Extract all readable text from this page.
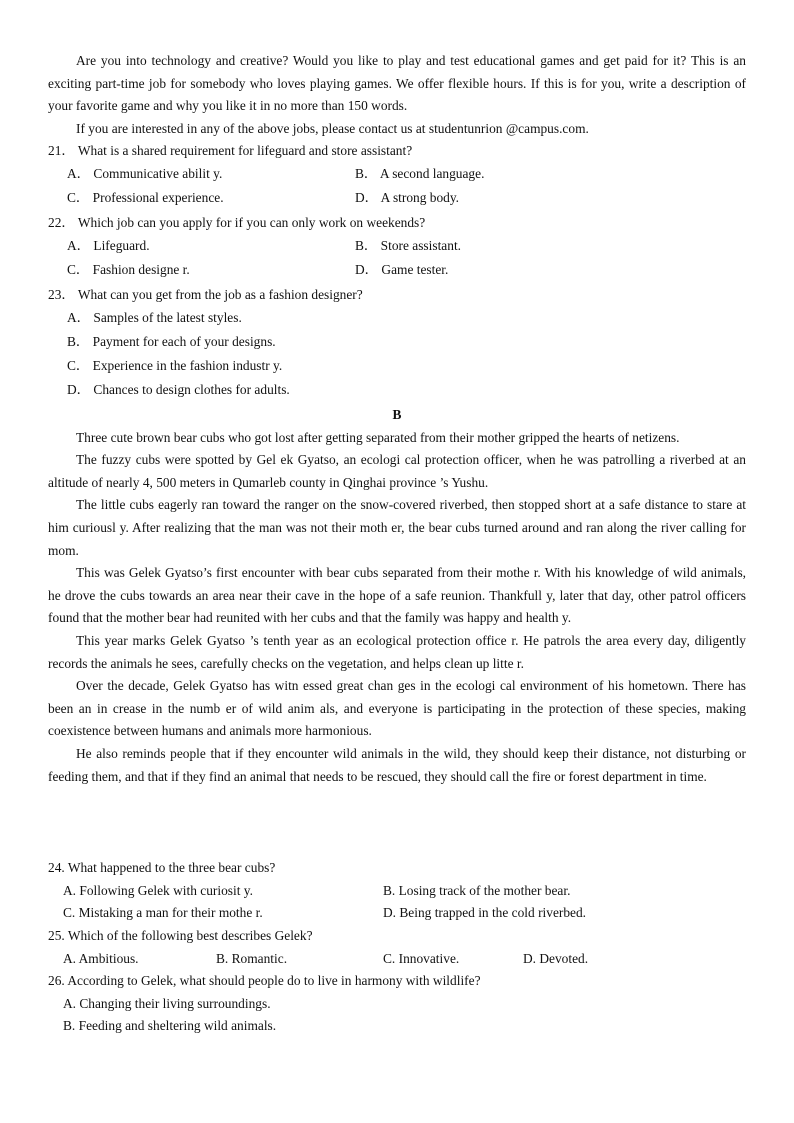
Are you into technology and creative? Would you like to play and test educational games and get paid for it? This is an exciting part-time job for somebody who loves playing games. We offer flexible hours. If this is for you, write a description of your favorite game and why you like it in no more than 150 words.

If you are interested in any of the above jobs, please contact us at studentunrion @campus.com.

21． What is a shared requirement for lifeguard and store assistant?

A． Communicative abilit y.	B． A second language.
C． Professional experience.	D． A strong body.

22． Which job can you apply for if you can only work on weekends?

A． Lifeguard.	B． Store assistant.
C． Fashion designe r.	D． Game tester.

23． What can you get from the job as a fashion designer?

A． Samples of the latest styles.
B． Payment for each of your designs.
C． Experience in the fashion industr y.
D． Chances to design clothes for adults.

B

Three cute brown bear cubs who got lost after getting separated from their mother gripped the hearts of netizens.

The fuzzy cubs were spotted by Gel ek Gyatso, an ecologi cal protection officer, when he was patrolling a riverbed at an altitude of nearly 4, 500 meters in Qumarleb county in Qinghai province ’s Yushu.

The little cubs eagerly ran toward the ranger on the snow-covered riverbed, then stopped short at a safe distance to stare at him curiousl y. After realizing that the man was not their moth er, the bear cubs turned around and ran along the river calling for mom.

This was Gelek Gyatso’s first encounter with bear cubs separated from their mothe r. With his knowledge of wild animals, he drove the cubs towards an area near their cave in the hope of a safe reunion. Thankfull y, later that day, other patrol officers found that the mother bear had reunited with her cubs and that the family was happy and health y.

This year marks Gelek Gyatso ’s tenth year as an ecological protection office r. He patrols the area every day, diligently records the animals he sees, carefully checks on the vegetation, and helps clean up litte r.

Over the decade, Gelek Gyatso has witn essed great chan ges in the ecologi cal environment of his hometown. There has been an in crease in the numb er of wild anim als, and everyone is participating in the protection of these species, making coexistence between humans and animals more harmonious.

He also reminds people that if they encounter wild animals in the wild, they should keep their distance, not disturbing or feeding them, and that if they find an animal that needs to be rescued, they should call the fire or forest department in time.

24. What happened to the three bear cubs?

A. Following Gelek with curiosit y.	B. Losing track of the mother bear.
C. Mistaking a man for their mothe r.	D. Being trapped in the cold riverbed.

25. Which of the following best describes Gelek?

A. Ambitious.	B. Romantic.	C. Innovative.	D. Devoted.

26. According to Gelek, what should people do to live in harmony with wildlife?

A. Changing their living surroundings.
B. Feeding and sheltering wild animals.
